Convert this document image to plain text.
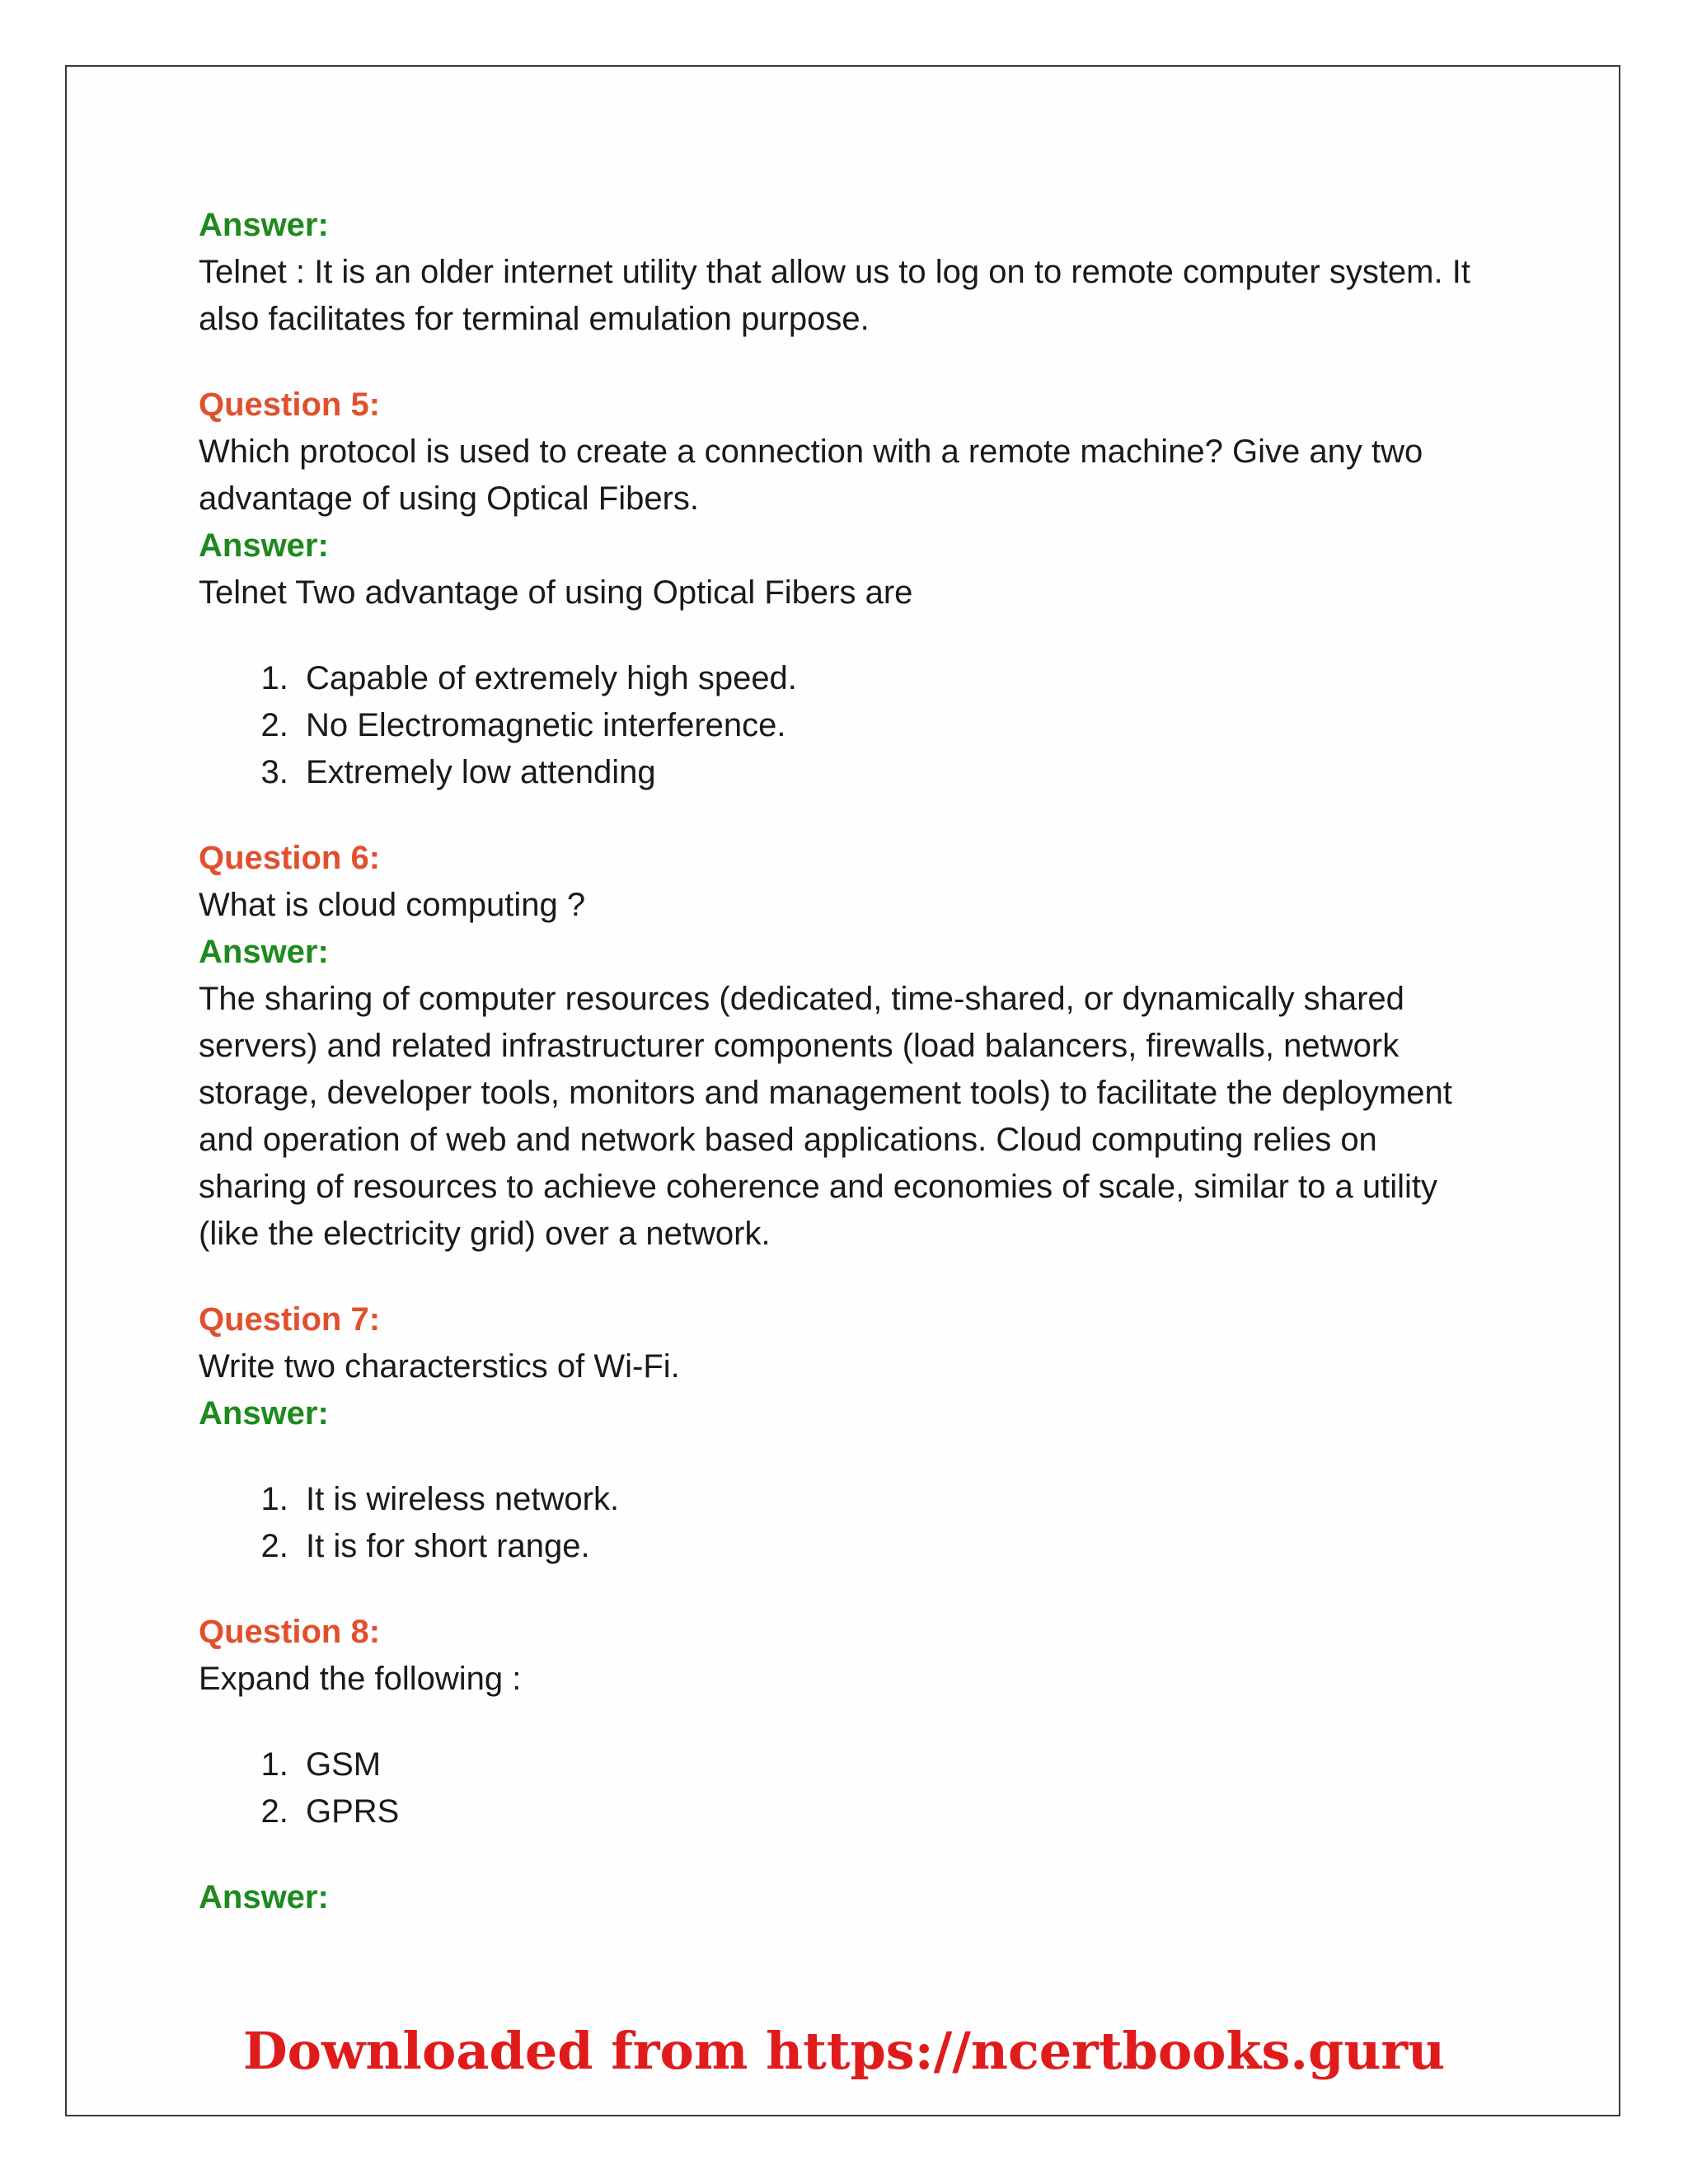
Answer:

Telnet : It is an older internet utility that allow us to log on to remote computer system. It also facilitates for terminal emulation purpose.

Question 5:

Which protocol is used to create a connection with a remote machine? Give any two advantage of using Optical Fibers.

Answer:

Telnet Two advantage of using Optical Fibers are

1. Capable of extremely high speed.
2. No Electromagnetic interference.
3. Extremely low attending

Question 6:

What is cloud computing ?

Answer:

The sharing of computer resources (dedicated, time-shared, or dynamically shared servers) and related infrastructurer components (load balancers, firewalls, network storage, developer tools, monitors and management tools) to facilitate the deployment and operation of web and network based applications. Cloud computing relies on sharing of resources to achieve coherence and economies of scale, similar to a utility (like the electricity grid) over a network.

Question 7:

Write two characterstics of Wi-Fi.

Answer:

1. It is wireless network.
2. It is for short range.

Question 8:

Expand the following :

1. GSM
2. GPRS

Answer:

Downloaded from https://ncertbooks.guru
